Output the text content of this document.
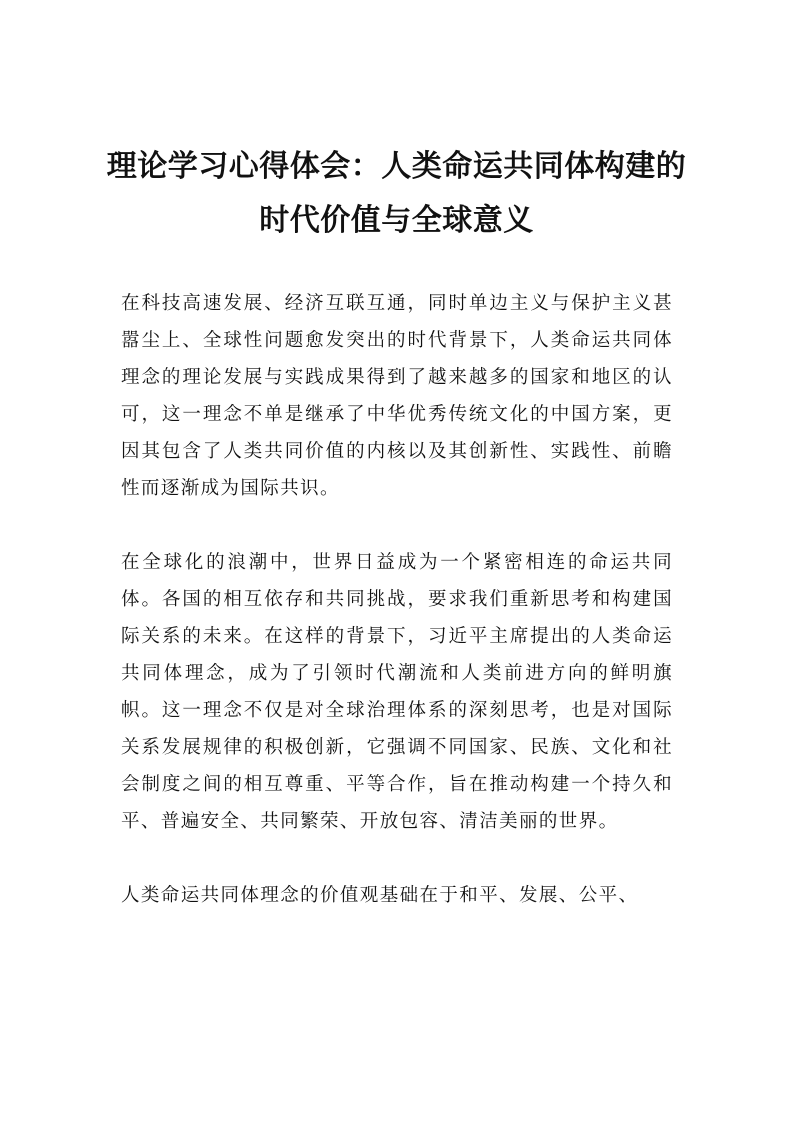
理论学习心得体会：人类命运共同体构建的
时代价值与全球意义

在科技高速发展、经济互联互通，同时单边主义与保护主义甚嚣尘上、全球性问题愈发突出的时代背景下，人类命运共同体理念的理论发展与实践成果得到了越来越多的国家和地区的认可，这一理念不单是继承了中华优秀传统文化的中国方案，更因其包含了人类共同价值的内核以及其创新性、实践性、前瞻性而逐渐成为国际共识。

在全球化的浪潮中，世界日益成为一个紧密相连的命运共同体。各国的相互依存和共同挑战，要求我们重新思考和构建国际关系的未来。在这样的背景下，习近平主席提出的人类命运共同体理念，成为了引领时代潮流和人类前进方向的鲜明旗帜。这一理念不仅是对全球治理体系的深刻思考，也是对国际关系发展规律的积极创新，它强调不同国家、民族、文化和社会制度之间的相互尊重、平等合作，旨在推动构建一个持久和平、普遍安全、共同繁荣、开放包容、清洁美丽的世界。

人类命运共同体理念的价值观基础在于和平、发展、公平、
